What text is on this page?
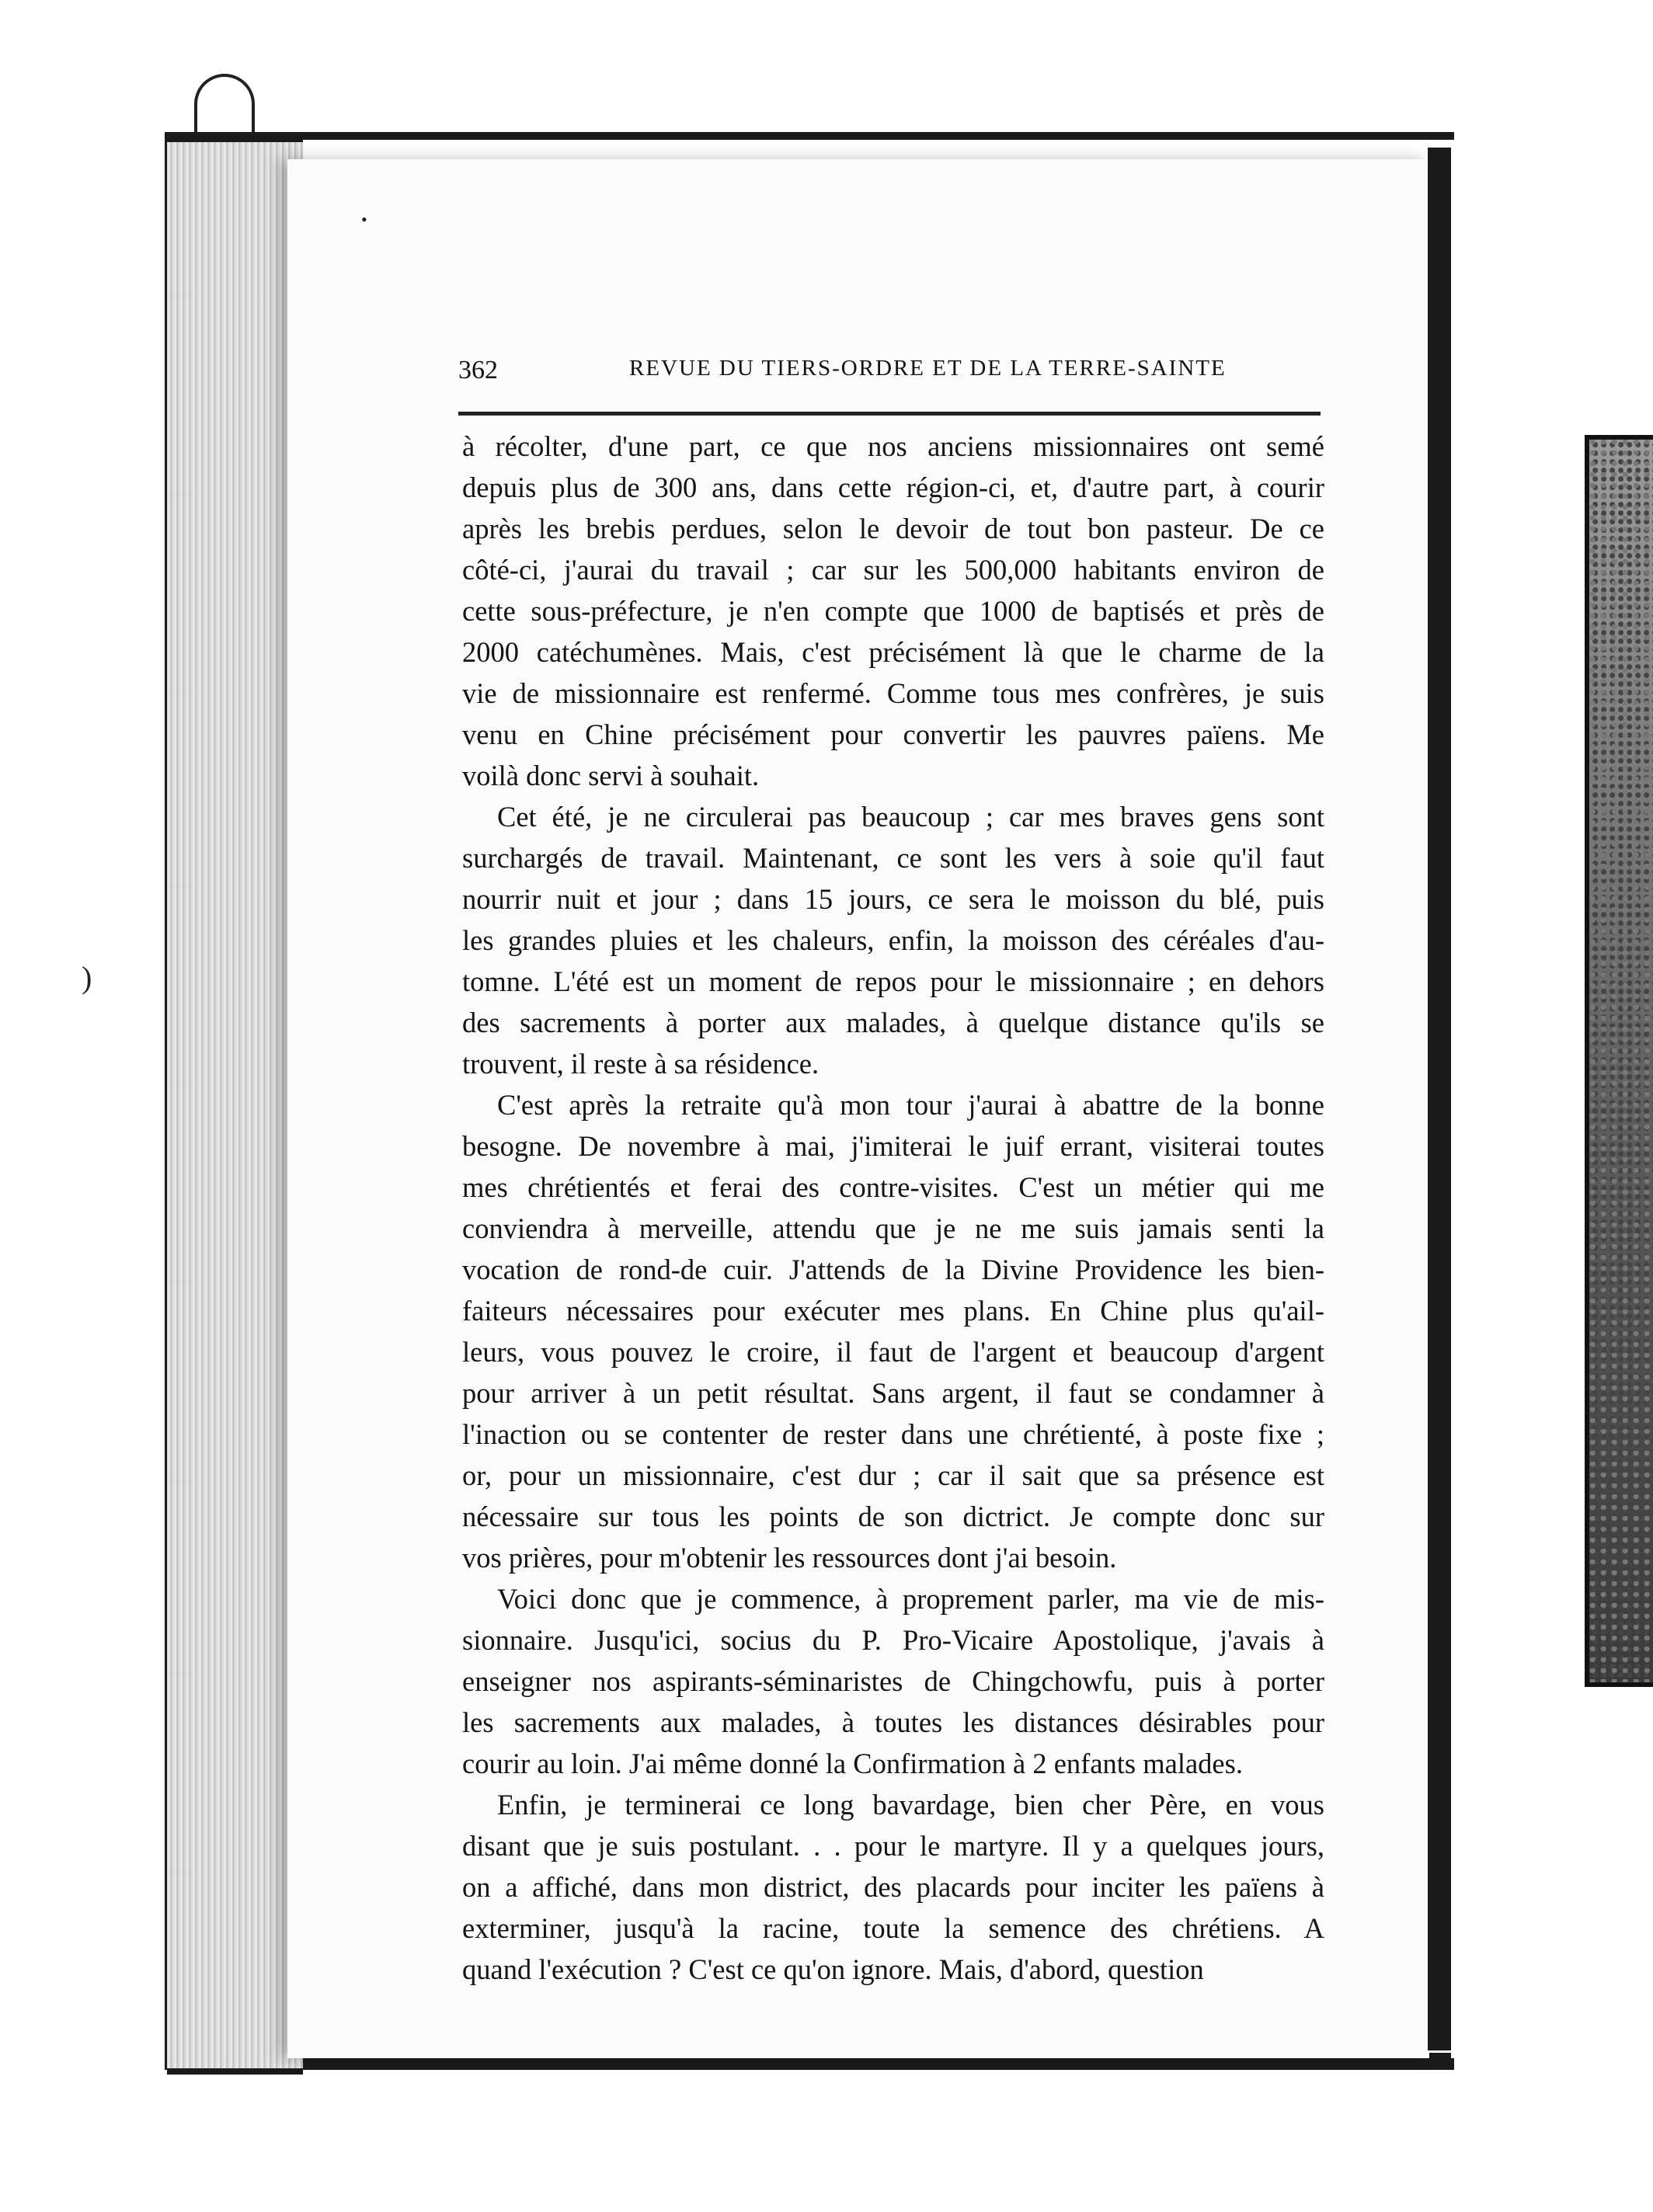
)
•
362	REVUE DU TIERS-ORDRE ET DE LA TERRE-SAINTE

à récolter, d'une part, ce que nos anciens missionnaires ont semé
depuis plus de 300 ans, dans cette région-ci, et, d'autre part, à courir
après les brebis perdues, selon le devoir de tout bon pasteur. De ce
côté-ci, j'aurai du travail ; car sur les 500,000 habitants environ de
cette sous-préfecture, je n'en compte que 1000 de baptisés et près de
2000 catéchumènes. Mais, c'est précisément là que le charme de la
vie de missionnaire est renfermé. Comme tous mes confrères, je suis
venu en Chine précisément pour convertir les pauvres païens. Me
voilà donc servi à souhait.

Cet été, je ne circulerai pas beaucoup ; car mes braves gens sont
surchargés de travail. Maintenant, ce sont les vers à soie qu'il faut
nourrir nuit et jour ; dans 15 jours, ce sera le moisson du blé, puis
les grandes pluies et les chaleurs, enfin, la moisson des céréales d'au-
tomne. L'été est un moment de repos pour le missionnaire ; en dehors
des sacrements à porter aux malades, à quelque distance qu'ils se
trouvent, il reste à sa résidence.

C'est après la retraite qu'à mon tour j'aurai à abattre de la bonne
besogne. De novembre à mai, j'imiterai le juif errant, visiterai toutes
mes chrétientés et ferai des contre-visites. C'est un métier qui me
conviendra à merveille, attendu que je ne me suis jamais senti la
vocation de rond-de cuir. J'attends de la Divine Providence les bien-
faiteurs nécessaires pour exécuter mes plans. En Chine plus qu'ail-
leurs, vous pouvez le croire, il faut de l'argent et beaucoup d'argent
pour arriver à un petit résultat. Sans argent, il faut se condamner à
l'inaction ou se contenter de rester dans une chrétienté, à poste fixe ;
or, pour un missionnaire, c'est dur ; car il sait que sa présence est
nécessaire sur tous les points de son dictrict. Je compte donc sur
vos prières, pour m'obtenir les ressources dont j'ai besoin.

Voici donc que je commence, à proprement parler, ma vie de mis-
sionnaire. Jusqu'ici, socius du P. Pro-Vicaire Apostolique, j'avais à
enseigner nos aspirants-séminaristes de Chingchowfu, puis à porter
les sacrements aux malades, à toutes les distances désirables pour
courir au loin. J'ai même donné la Confirmation à 2 enfants malades.

Enfin, je terminerai ce long bavardage, bien cher Père, en vous
disant que je suis postulant. . . pour le martyre. Il y a quelques jours,
on a affiché, dans mon district, des placards pour inciter les païens à
exterminer, jusqu'à la racine, toute la semence des chrétiens. A
quand l'exécution ? C'est ce qu'on ignore. Mais, d'abord, question
